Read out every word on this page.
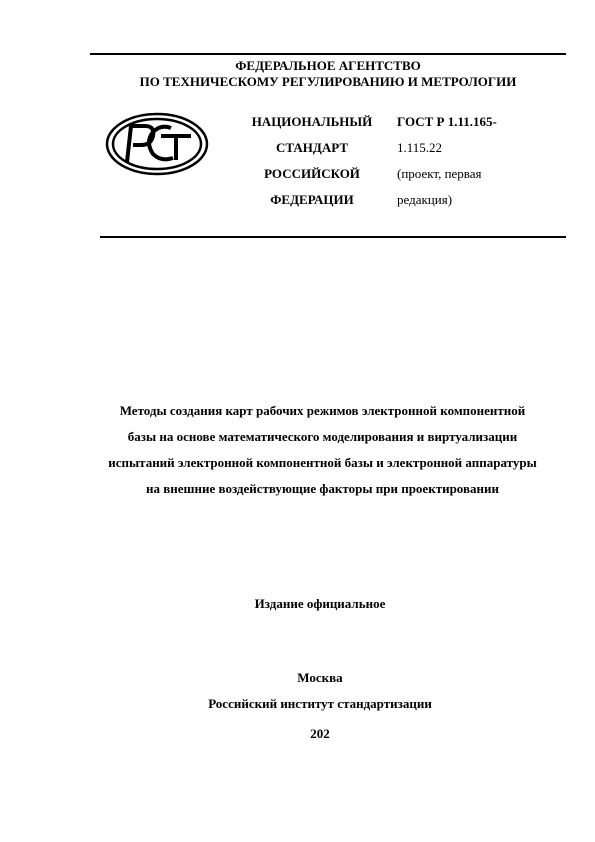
ФЕДЕРАЛЬНОЕ АГЕНТСТВО
ПО ТЕХНИЧЕСКОМУ РЕГУЛИРОВАНИЮ И МЕТРОЛОГИИ
НАЦИОНАЛЬНЫЙ
СТАНДАРТ
РОССИЙСКОЙ
ФЕДЕРАЦИИ
ГОСТ Р 1.11.165-
1.115.22
(проект, первая
редакция)
Методы создания карт рабочих режимов электронной компонентной
базы на основе математического моделирования и виртуализации
испытаний электронной компонентной базы и электронной аппаратуры
на внешние воздействующие факторы при проектировании
Издание официальное
Москва
Российский институт стандартизации
202
